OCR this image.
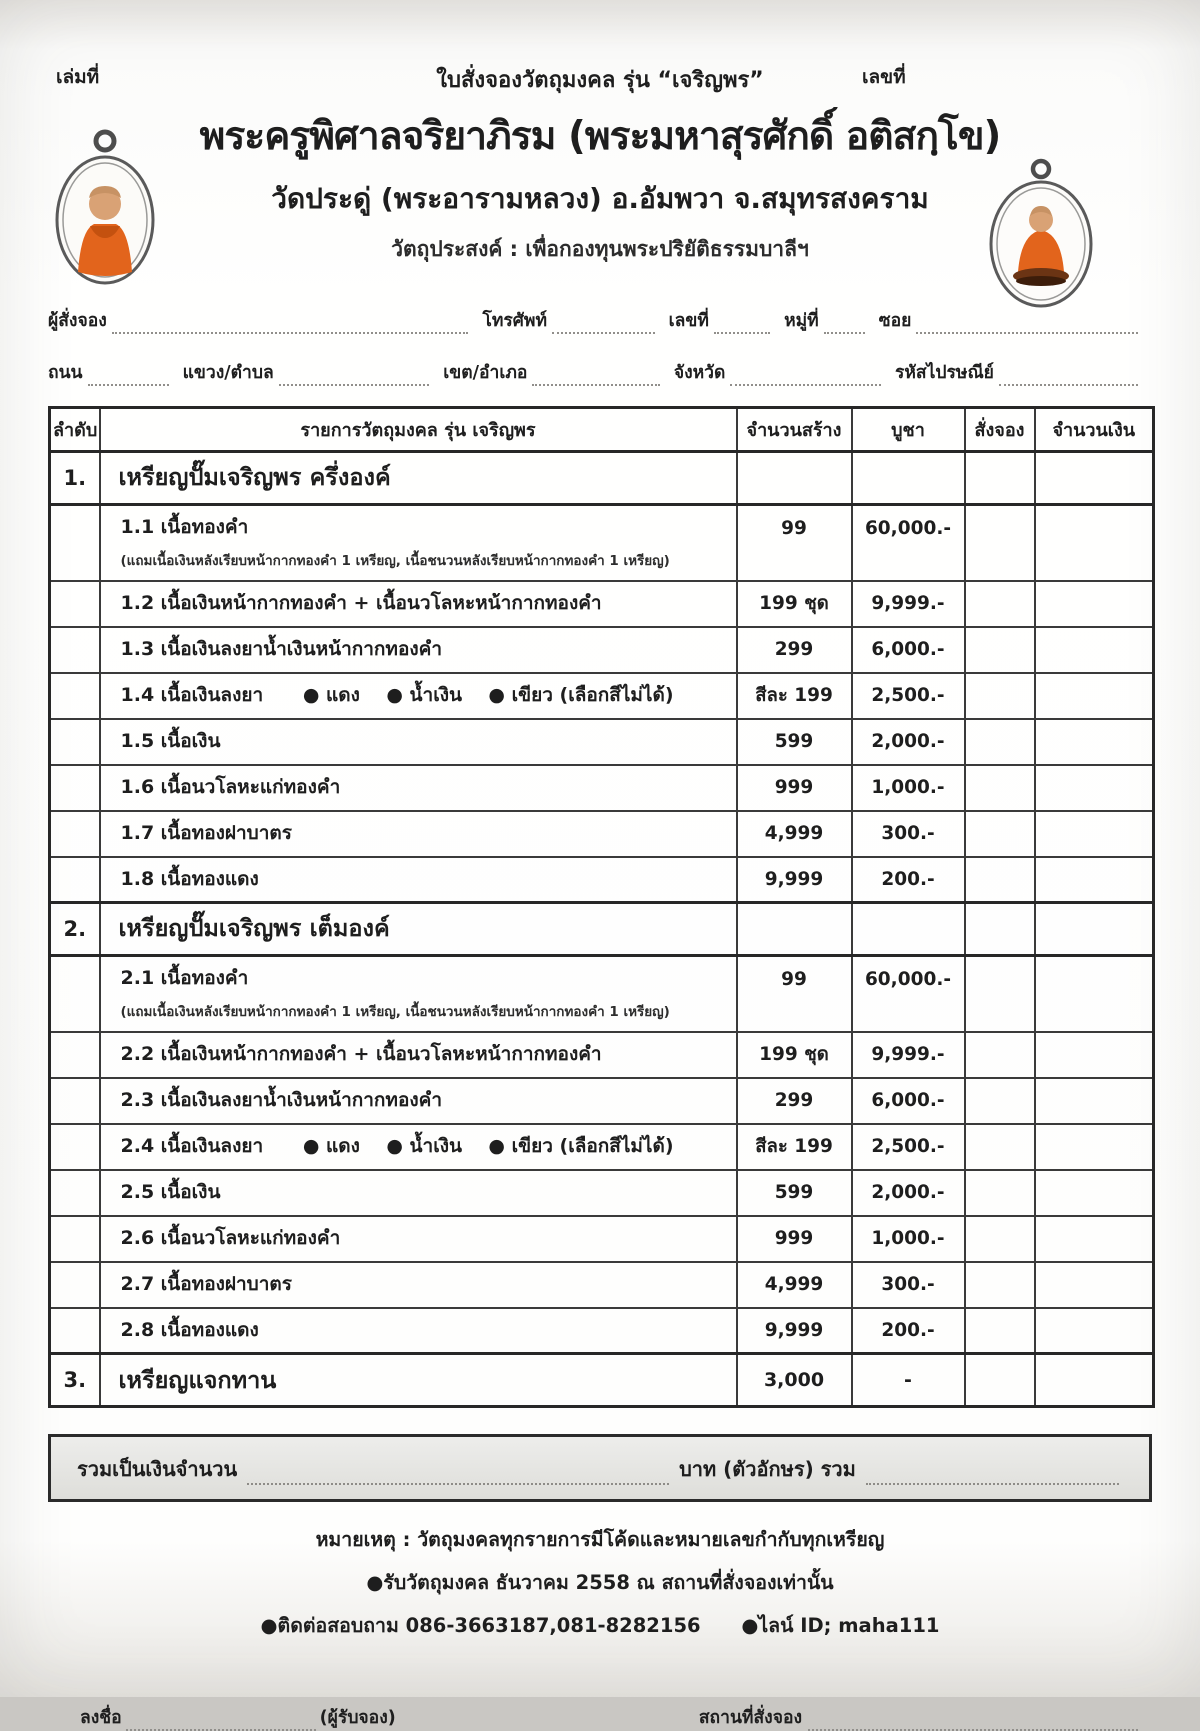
เล่มที่	ใบสั่งจองวัตถุมงคล รุ่น “เจริญพร”	เลขที่
พระครูพิศาลจริยาภิรม (พระมหาสุรศักดิ์ อติสกฺโข)
วัดประดู่ (พระอารามหลวง) อ.อัมพวา จ.สมุทรสงคราม
วัตถุประสงค์ : เพื่อกองทุนพระปริยัติธรรมบาลีฯ
ผู้สั่งจอง	โทรศัพท์	เลขที่	หมู่ที่	ซอย
ถนน	แขวง/ตำบล	เขต/อำเภอ	จังหวัด	รหัสไปรษณีย์
ลำดับ	รายการวัตถุมงคล รุ่น เจริญพร	จำนวนสร้าง	บูชา	สั่งจอง	จำนวนเงิน
1.	เหรียญปั๊มเจริญพร ครึ่งองค์				

	1.1 เนื้อทองคำ
(แถมเนื้อเงินหลังเรียบหน้ากากทองคำ 1 เหรียญ, เนื้อชนวนหลังเรียบหน้ากากทองคำ 1 เหรียญ)	99	60,000.-		

	1.2 เนื้อเงินหน้ากากทองคำ + เนื้อนวโลหะหน้ากากทองคำ	199 ชุด	9,999.-		

	1.3 เนื้อเงินลงยาน้ำเงินหน้ากากทองคำ	299	6,000.-		

	1.4 เนื้อเงินลงยา      ● แดง    ● น้ำเงิน    ● เขียว (เลือกสีไม่ได้)	สีละ 199	2,500.-		

	1.5 เนื้อเงิน	599	2,000.-		

	1.6 เนื้อนวโลหะแก่ทองคำ	999	1,000.-		

	1.7 เนื้อทองฝาบาตร	4,999	300.-		

	1.8 เนื้อทองแดง	9,999	200.-		
2.	เหรียญปั๊มเจริญพร เต็มองค์				

	2.1 เนื้อทองคำ
(แถมเนื้อเงินหลังเรียบหน้ากากทองคำ 1 เหรียญ, เนื้อชนวนหลังเรียบหน้ากากทองคำ 1 เหรียญ)	99	60,000.-		

	2.2 เนื้อเงินหน้ากากทองคำ + เนื้อนวโลหะหน้ากากทองคำ	199 ชุด	9,999.-		

	2.3 เนื้อเงินลงยาน้ำเงินหน้ากากทองคำ	299	6,000.-		

	2.4 เนื้อเงินลงยา      ● แดง    ● น้ำเงิน    ● เขียว (เลือกสีไม่ได้)	สีละ 199	2,500.-		

	2.5 เนื้อเงิน	599	2,000.-		

	2.6 เนื้อนวโลหะแก่ทองคำ	999	1,000.-		

	2.7 เนื้อทองฝาบาตร	4,999	300.-		

	2.8 เนื้อทองแดง	9,999	200.-		
3.	เหรียญแจกทาน	3,000	-		
รวมเป็นเงินจำนวน	บาท (ตัวอักษร) รวม
หมายเหตุ : วัตถุมงคลทุกรายการมีโค้ดและหมายเลขกำกับทุกเหรียญ
●รับวัตถุมงคล ธันวาคม 2558 ณ สถานที่สั่งจองเท่านั้น
●ติดต่อสอบถาม 086-3663187,081-8282156      ●ไลน์ ID; maha111
ลงชื่อ	(ผู้รับจอง)	สถานที่สั่งจอง
